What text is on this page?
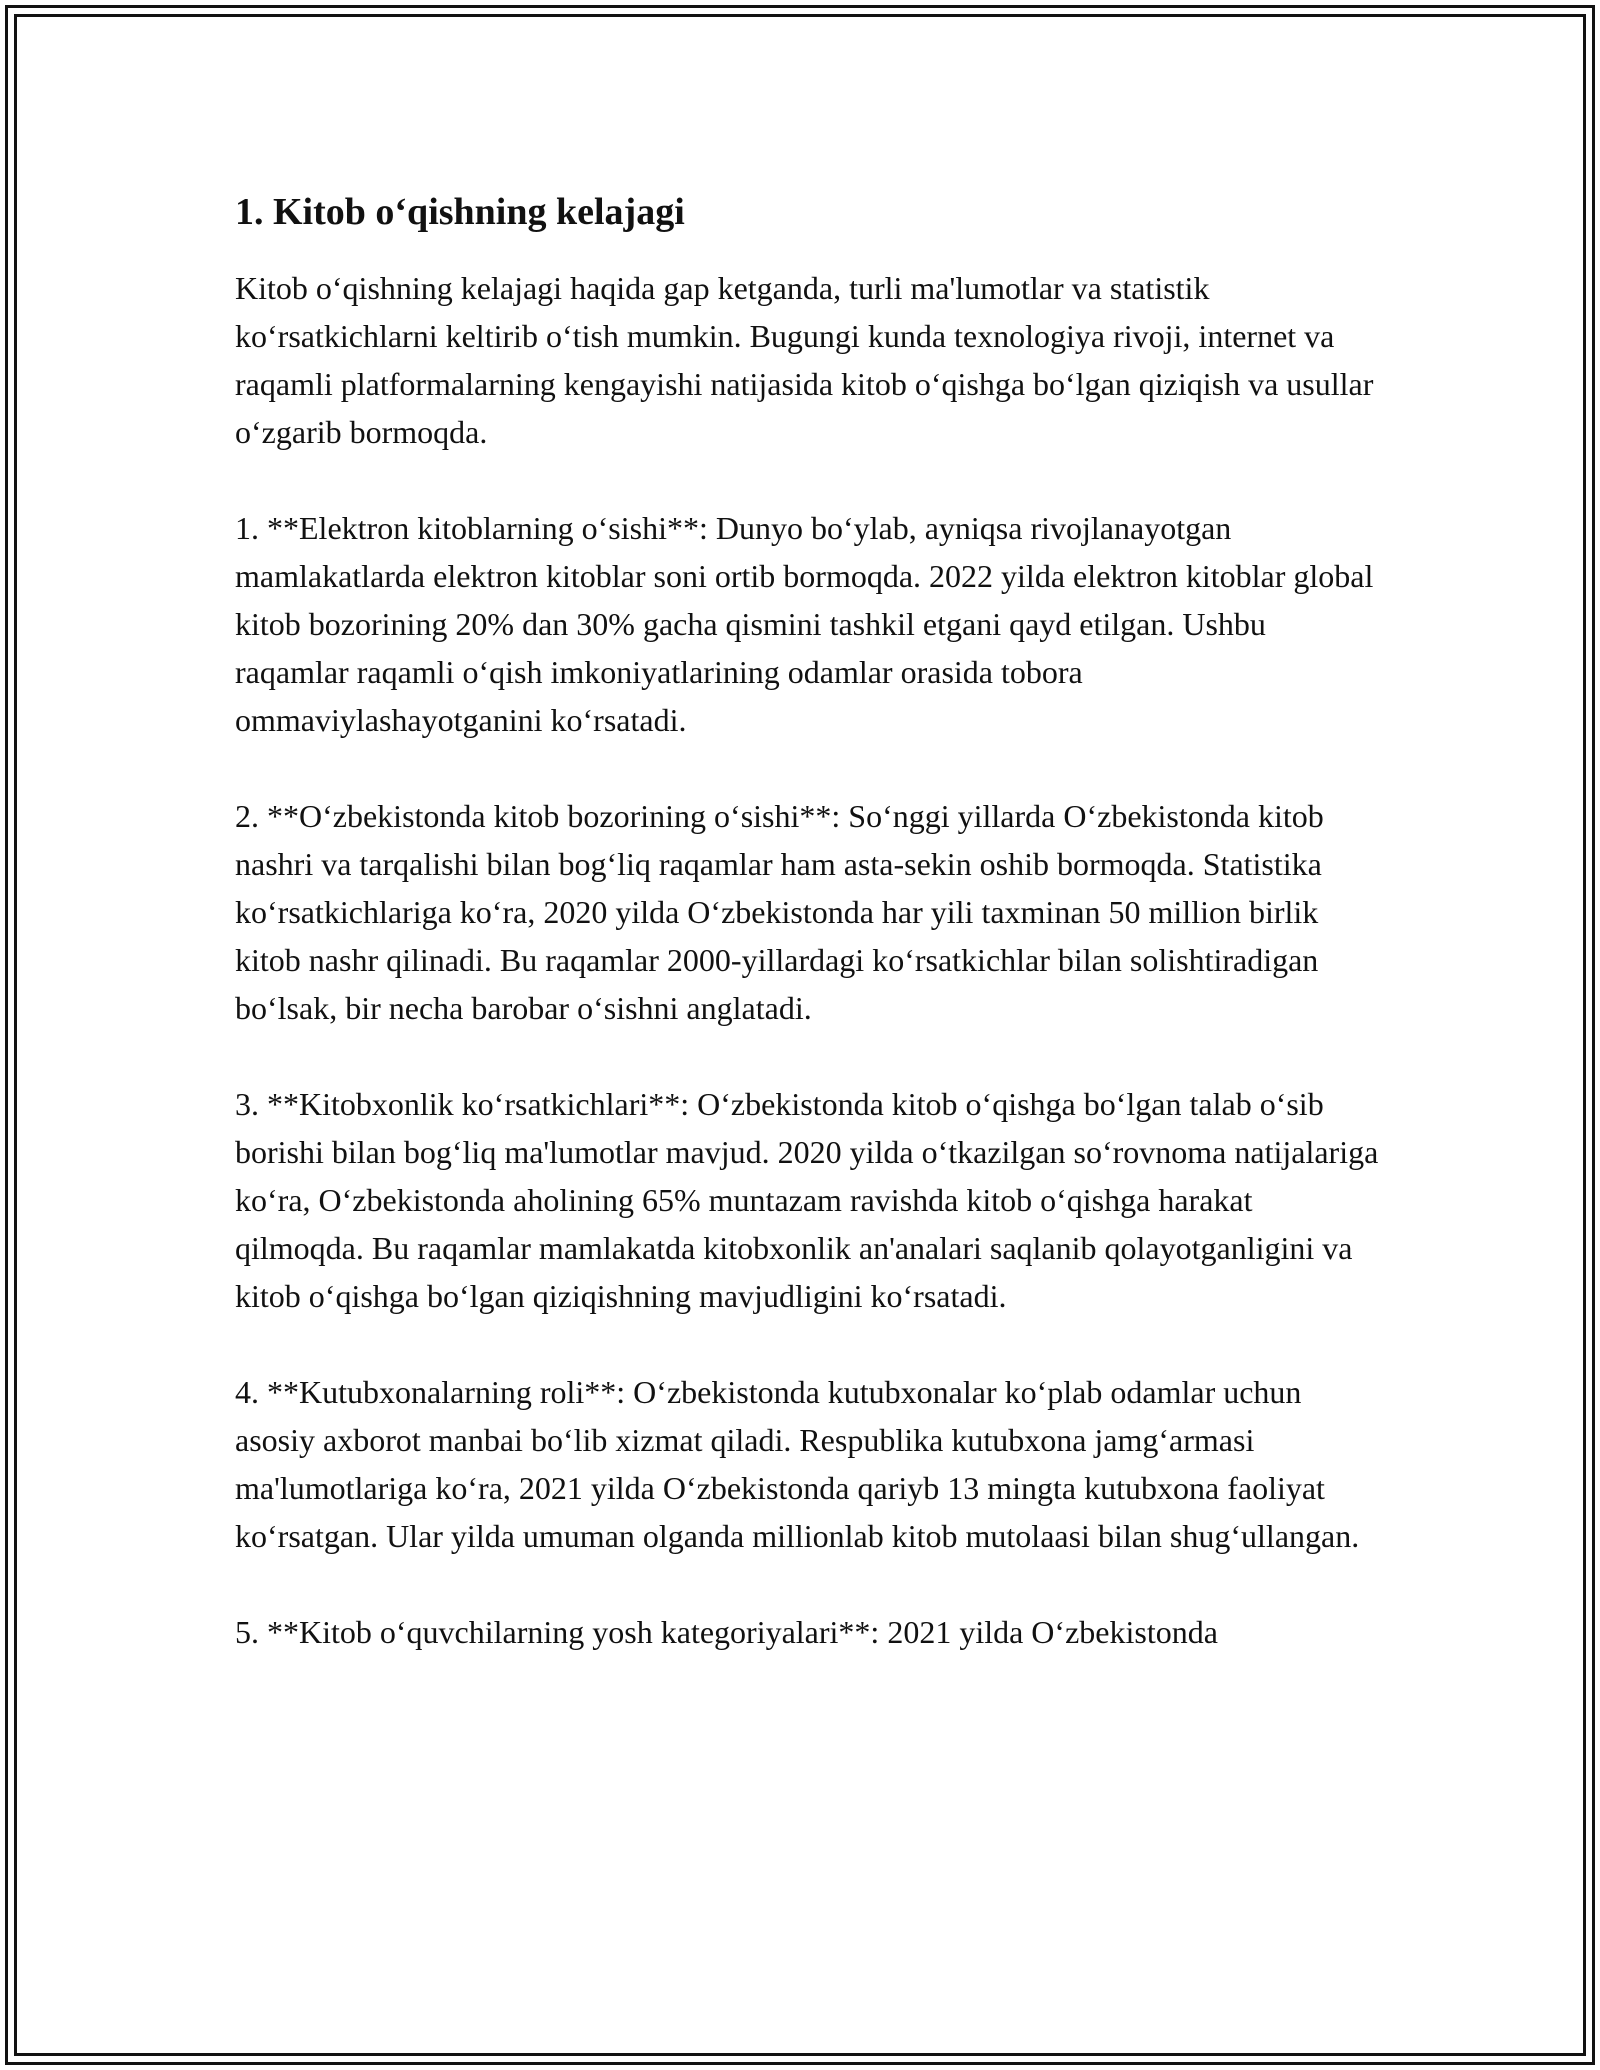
1. Kitob o‘qishning kelajagi

Kitob o‘qishning kelajagi haqida gap ketganda, turli ma'lumotlar va statistik ko‘rsatkichlarni keltirib o‘tish mumkin. Bugungi kunda texnologiya rivoji, internet va raqamli platformalarning kengayishi natijasida kitob o‘qishga bo‘lgan qiziqish va usullar o‘zgarib bormoqda.

1. **Elektron kitoblarning o‘sishi**: Dunyo bo‘ylab, ayniqsa rivojlanayotgan mamlakatlarda elektron kitoblar soni ortib bormoqda. 2022 yilda elektron kitoblar global kitob bozorining 20% dan 30% gacha qismini tashkil etgani qayd etilgan. Ushbu raqamlar raqamli o‘qish imkoniyatlarining odamlar orasida tobora ommaviylashayotganini ko‘rsatadi.

2. **O‘zbekistonda kitob bozorining o‘sishi**: So‘nggi yillarda O‘zbekistonda kitob nashri va tarqalishi bilan bog‘liq raqamlar ham asta-sekin oshib bormoqda. Statistika ko‘rsatkichlariga ko‘ra, 2020 yilda O‘zbekistonda har yili taxminan 50 million birlik kitob nashr qilinadi. Bu raqamlar 2000-yillardagi ko‘rsatkichlar bilan solishtiradigan bo‘lsak, bir necha barobar o‘sishni anglatadi.

3. **Kitobxonlik ko‘rsatkichlari**: O‘zbekistonda kitob o‘qishga bo‘lgan talab o‘sib borishi bilan bog‘liq ma'lumotlar mavjud. 2020 yilda o‘tkazilgan so‘rovnoma natijalariga ko‘ra, O‘zbekistonda aholining 65% muntazam ravishda kitob o‘qishga harakat qilmoqda. Bu raqamlar mamlakatda kitobxonlik an'analari saqlanib qolayotganligini va kitob o‘qishga bo‘lgan qiziqishning mavjudligini ko‘rsatadi.

4. **Kutubxonalarning roli**: O‘zbekistonda kutubxonalar ko‘plab odamlar uchun asosiy axborot manbai bo‘lib xizmat qiladi. Respublika kutubxona jamg‘armasi ma'lumotlariga ko‘ra, 2021 yilda O‘zbekistonda qariyb 13 mingta kutubxona faoliyat ko‘rsatgan. Ular yilda umuman olganda millionlab kitob mutolaasi bilan shug‘ullangan.

5. **Kitob o‘quvchilarning yosh kategoriyalari**: 2021 yilda O‘zbekistonda
